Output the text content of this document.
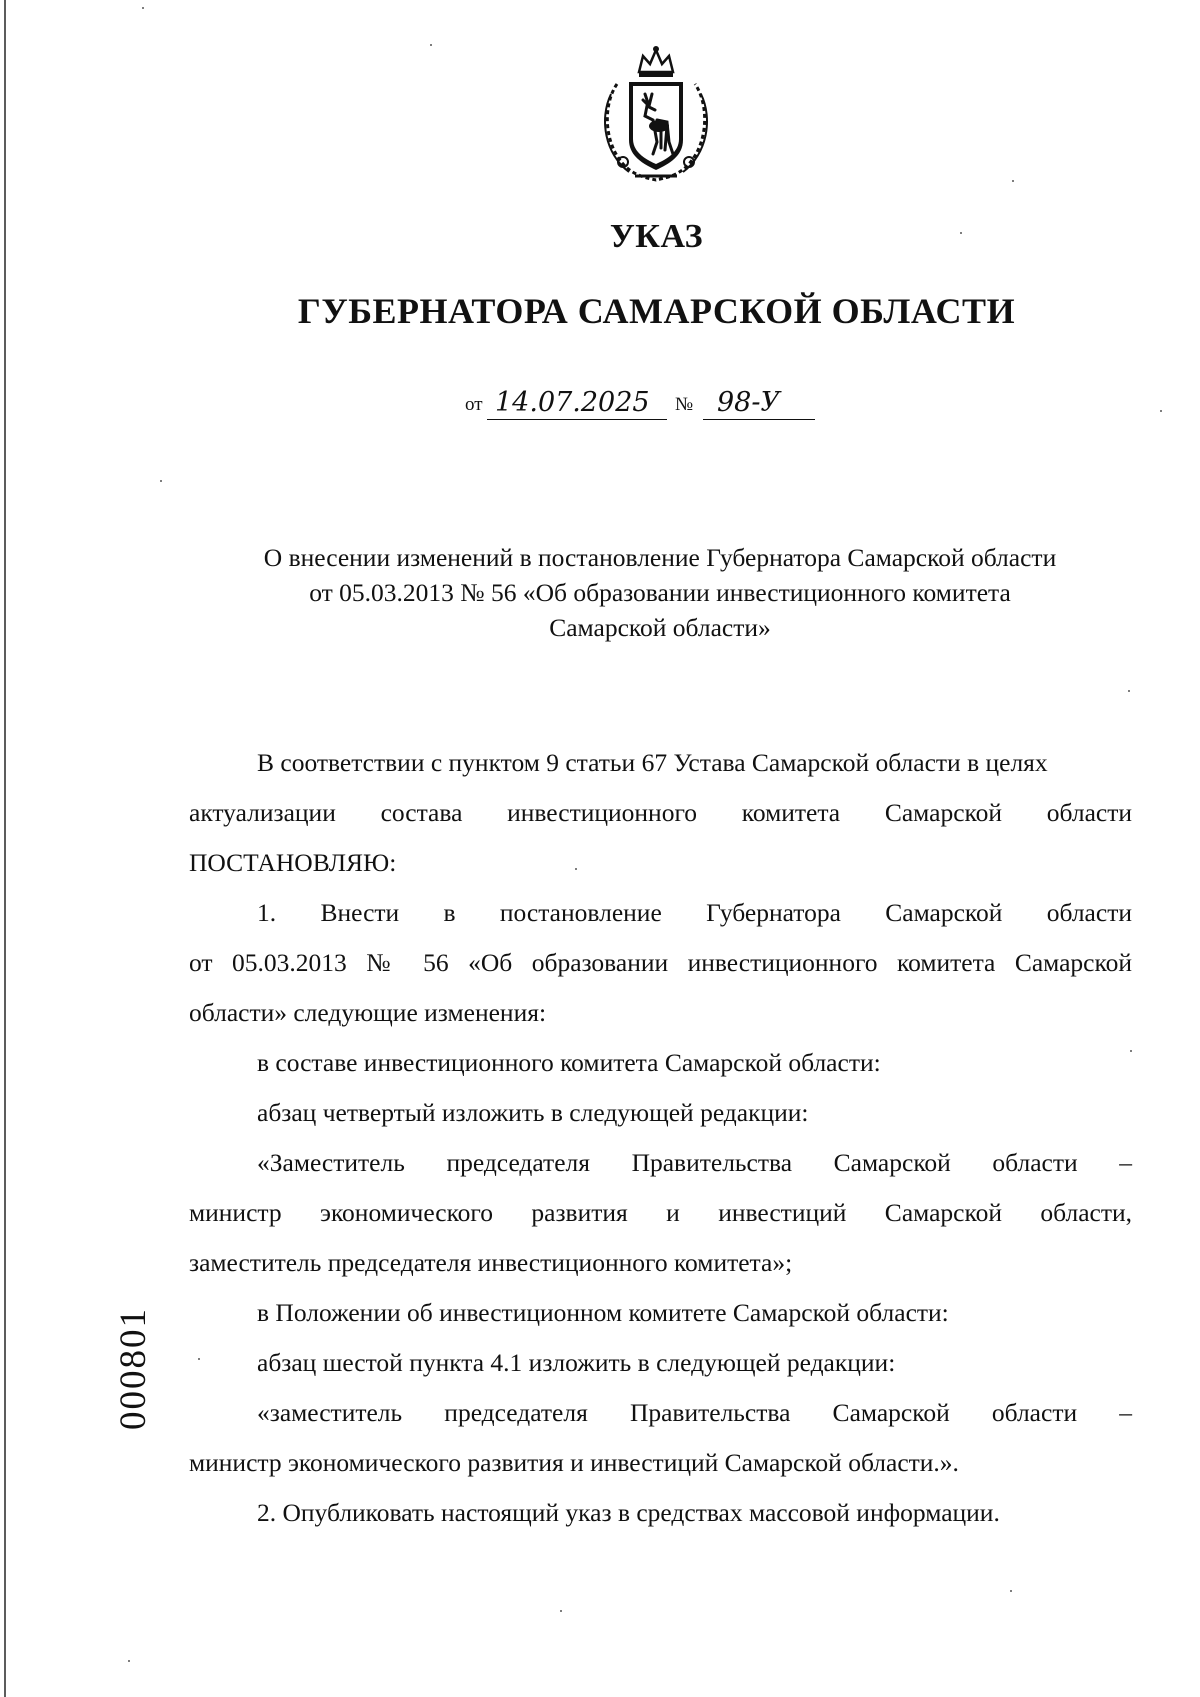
УКАЗ
ГУБЕРНАТОРА САМАРСКОЙ ОБЛАСТИ
от 14.07.2025 № 98-У
О внесении изменений в постановление Губернатора Самарской области
от 05.03.2013 № 56 «Об образовании инвестиционного комитета
Самарской области»

В соответствии с пунктом 9 статьи 67 Устава Самарской области в целях

актуализации состава инвестиционного комитета Самарской области

ПОСТАНОВЛЯЮ:

1. Внести в постановление Губернатора Самарской области

от 05.03.2013 № 56 «Об образовании инвестиционного комитета Самарской

области» следующие изменения:

в составе инвестиционного комитета Самарской области:

абзац четвертый изложить в следующей редакции:

«Заместитель председателя Правительства Самарской области –

министр экономического развития и инвестиций Самарской области,

заместитель председателя инвестиционного комитета»;

в Положении об инвестиционном комитете Самарской области:

абзац шестой пункта 4.1 изложить в следующей редакции:

«заместитель председателя Правительства Самарской области –

министр экономического развития и инвестиций Самарской области.».

2. Опубликовать настоящий указ в средствах массовой информации.

000801
